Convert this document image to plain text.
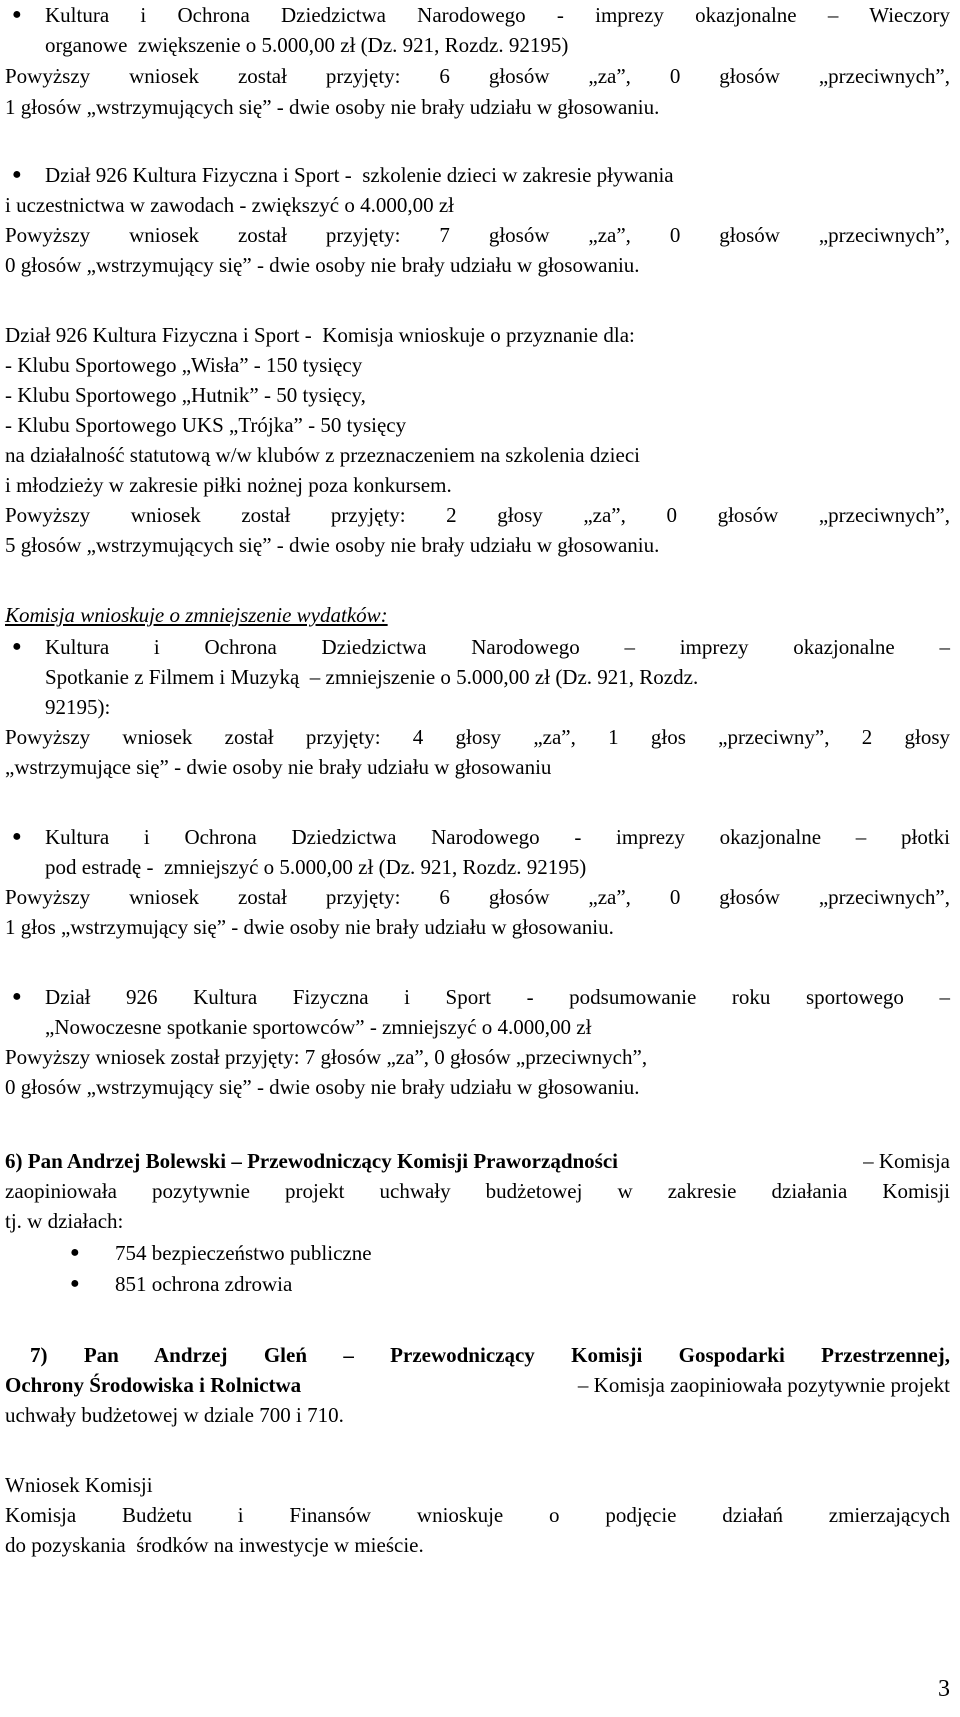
● Kultura i Ochrona Dziedzictwa Narodowego - imprezy okazjonalne – Wieczory
organowe  zwiększenie o 5.000,00 zł (Dz. 921, Rozdz. 92195)
Powyższy wniosek został przyjęty: 6 głosów „za”, 0 głosów „przeciwnych”,
1 głosów „wstrzymujących się” - dwie osoby nie brały udziału w głosowaniu.
● Dział 926 Kultura Fizyczna i Sport -  szkolenie dzieci w zakresie pływania
i uczestnictwa w zawodach - zwiększyć o 4.000,00 zł
Powyższy wniosek został przyjęty: 7 głosów „za”, 0 głosów „przeciwnych”,
0 głosów „wstrzymujący się” - dwie osoby nie brały udziału w głosowaniu.
Dział 926 Kultura Fizyczna i Sport -  Komisja wnioskuje o przyznanie dla:
- Klubu Sportowego „Wisła” - 150 tysięcy
- Klubu Sportowego „Hutnik” - 50 tysięcy,
- Klubu Sportowego UKS „Trójka” - 50 tysięcy
na działalność statutową w/w klubów z przeznaczeniem na szkolenia dzieci
i młodzieży w zakresie piłki nożnej poza konkursem.
Powyższy wniosek został przyjęty: 2 głosy „za”, 0 głosów „przeciwnych”,
5 głosów „wstrzymujących się” - dwie osoby nie brały udziału w głosowaniu.
Komisja wnioskuje o zmniejszenie wydatków:
● Kultura i Ochrona Dziedzictwa Narodowego – imprezy okazjonalne –
Spotkanie z Filmem i Muzyką  – zmniejszenie o 5.000,00 zł (Dz. 921, Rozdz.
92195):
Powyższy wniosek został przyjęty: 4 głosy „za”, 1 głos „przeciwny”, 2 głosy
„wstrzymujące się” - dwie osoby nie brały udziału w głosowaniu
● Kultura i Ochrona Dziedzictwa Narodowego - imprezy okazjonalne – płotki
pod estradę -  zmniejszyć o 5.000,00 zł (Dz. 921, Rozdz. 92195)
Powyższy wniosek został przyjęty: 6 głosów „za”, 0 głosów „przeciwnych”,
1 głos „wstrzymujący się” - dwie osoby nie brały udziału w głosowaniu.
● Dział 926 Kultura Fizyczna i Sport - podsumowanie roku sportowego –
„Nowoczesne spotkanie sportowców” - zmniejszyć o 4.000,00 zł
Powyższy wniosek został przyjęty: 7 głosów „za”, 0 głosów „przeciwnych”,
0 głosów „wstrzymujący się” - dwie osoby nie brały udziału w głosowaniu.
6) Pan Andrzej Bolewski – Przewodniczący Komisji Praworządności	– Komisja
zaopiniowała pozytywnie projekt uchwały budżetowej w zakresie działania Komisji
tj. w działach:
● 754 bezpieczeństwo publiczne
● 851 ochrona zdrowia
7) Pan Andrzej Gleń – Przewodniczący Komisji Gospodarki Przestrzennej,
Ochrony Środowiska i Rolnictwa	– Komisja zaopiniowała pozytywnie projekt
uchwały budżetowej w dziale 700 i 710.
Wniosek Komisji
Komisja Budżetu i Finansów wnioskuje o podjęcie działań zmierzających
do pozyskania  środków na inwestycje w mieście.
3
